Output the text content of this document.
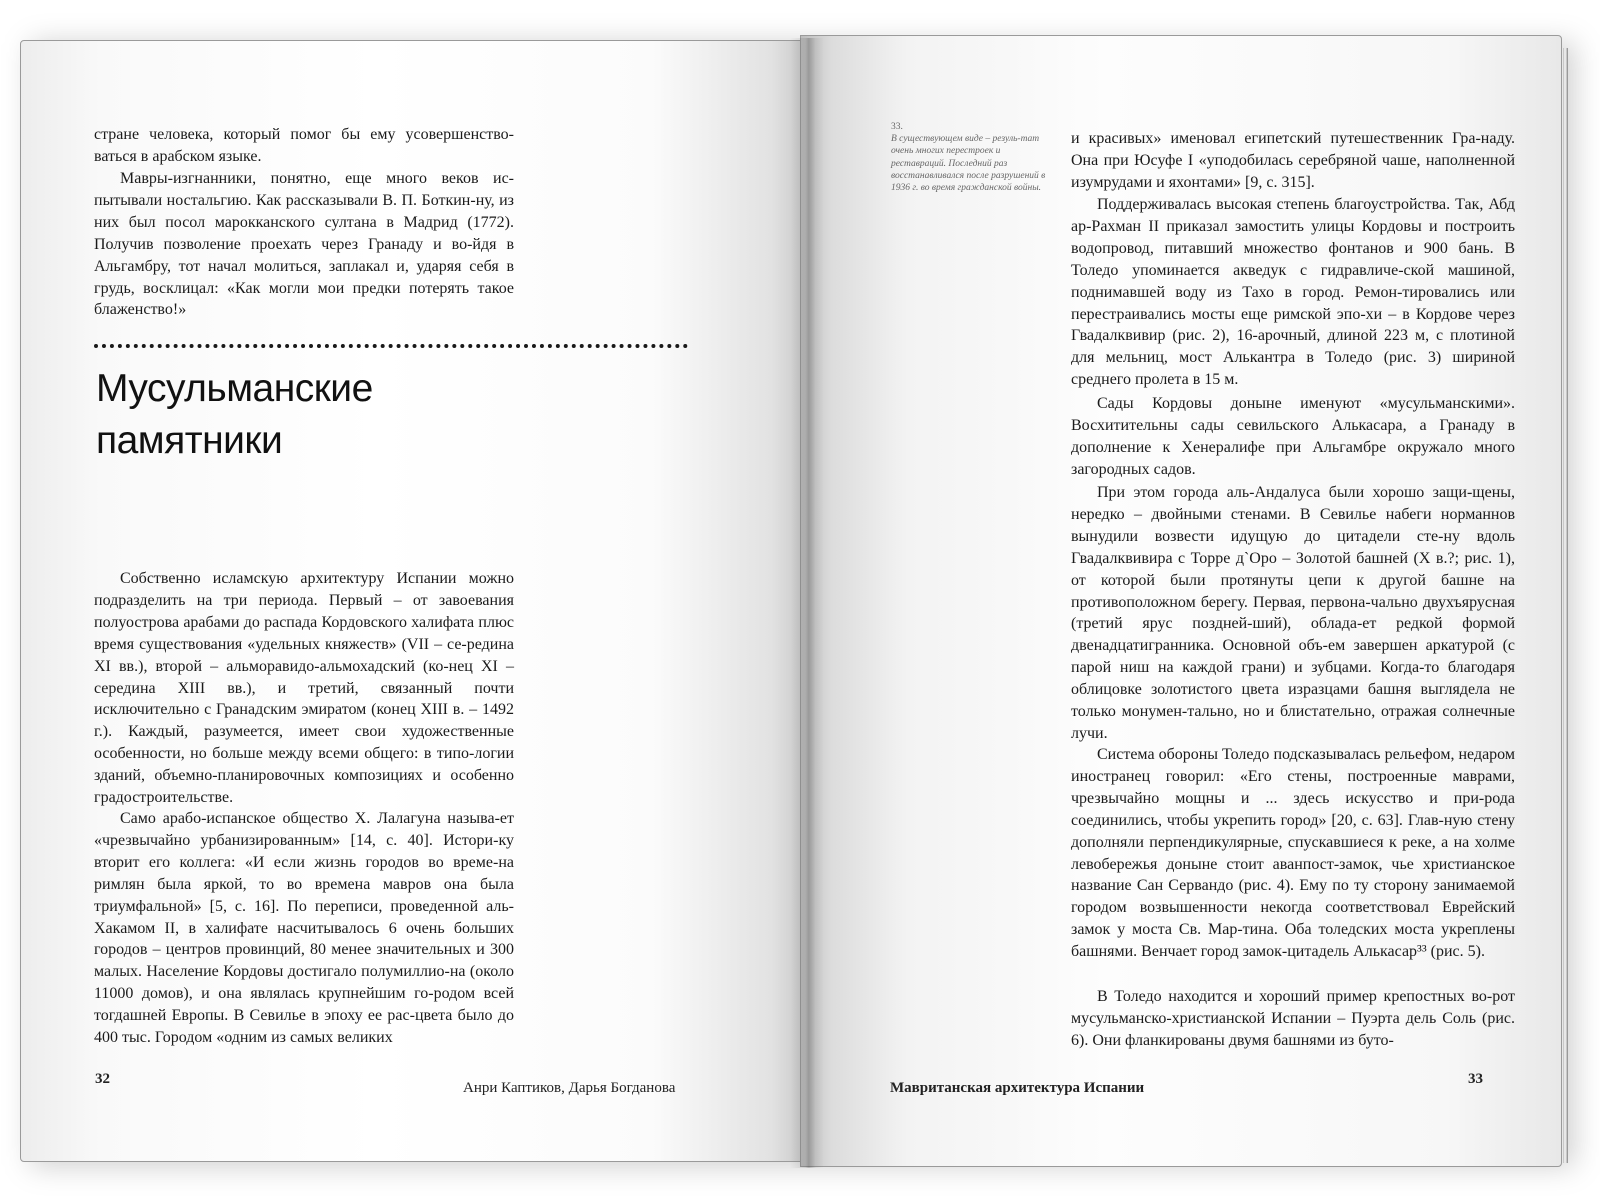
стране человека, который помог бы ему усовершенство-ваться в арабском языке.

Мавры-изгнанники, понятно, еще много веков ис-пытывали ностальгию. Как рассказывали В. П. Боткин-ну, из них был посол марокканского султана в Мадрид (1772). Получив позволение проехать через Гранаду и во-йдя в Альгамбру, тот начал молиться, заплакал и, ударяя себя в грудь, восклицал: «Как могли мои предки потерять такое блаженство!»

Мусульманские
памятники

Собственно исламскую архитектуру Испании можно подразделить на три периода. Первый – от завоевания полуострова арабами до распада Кордовского халифата плюс время существования «удельных княжеств» (VII – се-редина XI вв.), второй – альморавидо-альмохадский (ко-нец XI – середина XIII вв.), и третий, связанный почти исключительно с Гранадским эмиратом (конец XIII в. – 1492 г.). Каждый, разумеется, имеет свои художественные особенности, но больше между всеми общего: в типо-логии зданий, объемно-планировочных композициях и особенно градостроительстве.

Само арабо-испанское общество Х. Лалагуна называ-ет «чрезвычайно урбанизированным» [14, с. 40]. Истори-ку вторит его коллега: «И если жизнь городов во време-на римлян была яркой, то во времена мавров она была триумфальной» [5, с. 16]. По переписи, проведенной аль-Хакамом II, в халифате насчитывалось 6 очень больших городов – центров провинций, 80 менее значительных и 300 малых. Население Кордовы достигало полумиллио-на (около 11000 домов), и она являлась крупнейшим го-родом всей тогдашней Европы. В Севилье в эпоху ее рас-цвета было до 400 тыс. Городом «одним из самых великих

32

33.
В существующем виде – резуль-тат очень многих перестроек и реставраций. Последний раз восстанавливался после разрушений в 1936 г. во время гражданской войны.

и красивых» именовал египетский путешественник Гра-наду. Она при Юсуфе I «уподобилась серебряной чаше, наполненной изумрудами и яхонтами» [9, с. 315].

Поддерживалась высокая степень благоустройства. Так, Абд ар-Рахман II приказал замостить улицы Кордовы и построить водопровод, питавший множество фонтанов и 900 бань. В Толедо упоминается акведук с гидравличе-ской машиной, поднимавшей воду из Тахо в город. Ремон-тировались или перестраивались мосты еще римской эпо-хи – в Кордове через Гвадалквивир (рис. 2), 16-арочный, длиной 223 м, с плотиной для мельниц, мост Алькантра в Толедо (рис. 3) шириной среднего пролета в 15 м.

Сады Кордовы доныне именуют «мусульманскими». Восхитительны сады севильского Алькасара, а Гранаду в дополнение к Хенералифе при Альгамбре окружало много загородных садов.

При этом города аль-Андалуса были хорошо защи-щены, нередко – двойными стенами. В Севилье набеги норманнов вынудили возвести идущую до цитадели сте-ну вдоль Гвадалквивира с Торре д`Оро – Золотой башней (X в.?; рис. 1), от которой были протянуты цепи к другой башне на противоположном берегу. Первая, первона-чально двухъярусная (третий ярус поздней-ший), облада-ет редкой формой двенадцатигранника. Основной объ-ем завершен аркатурой (с парой ниш на каждой грани) и зубцами. Когда-то благодаря облицовке золотистого цвета изразцами башня выглядела не только монумен-тально, но и блистательно, отражая солнечные лучи.

Система обороны Толедо подсказывалась рельефом, недаром иностранец говорил: «Его стены, построенные маврами, чрезвычайно мощны и ... здесь искусство и при-рода соединились, чтобы укрепить город» [20, с. 63]. Глав-ную стену дополняли перпендикулярные, спускавшиеся к реке, а на холме левобережья доныне стоит аванпост-замок, чье христианское название Сан Сервандо (рис. 4). Ему по ту сторону занимаемой городом возвышенности некогда соответствовал Еврейский замок у моста Св. Мар-тина. Оба толедских моста укреплены башнями. Венчает город замок-цитадель Алькасар³³ (рис. 5).

В Толедо находится и хороший пример крепостных во-рот мусульманско-христианской Испании – Пуэрта дель Соль (рис. 6). Они фланкированы двумя башнями из буто-

33
Анри Каптиков, Дарья Богданова	Мавританская архитектура Испании
